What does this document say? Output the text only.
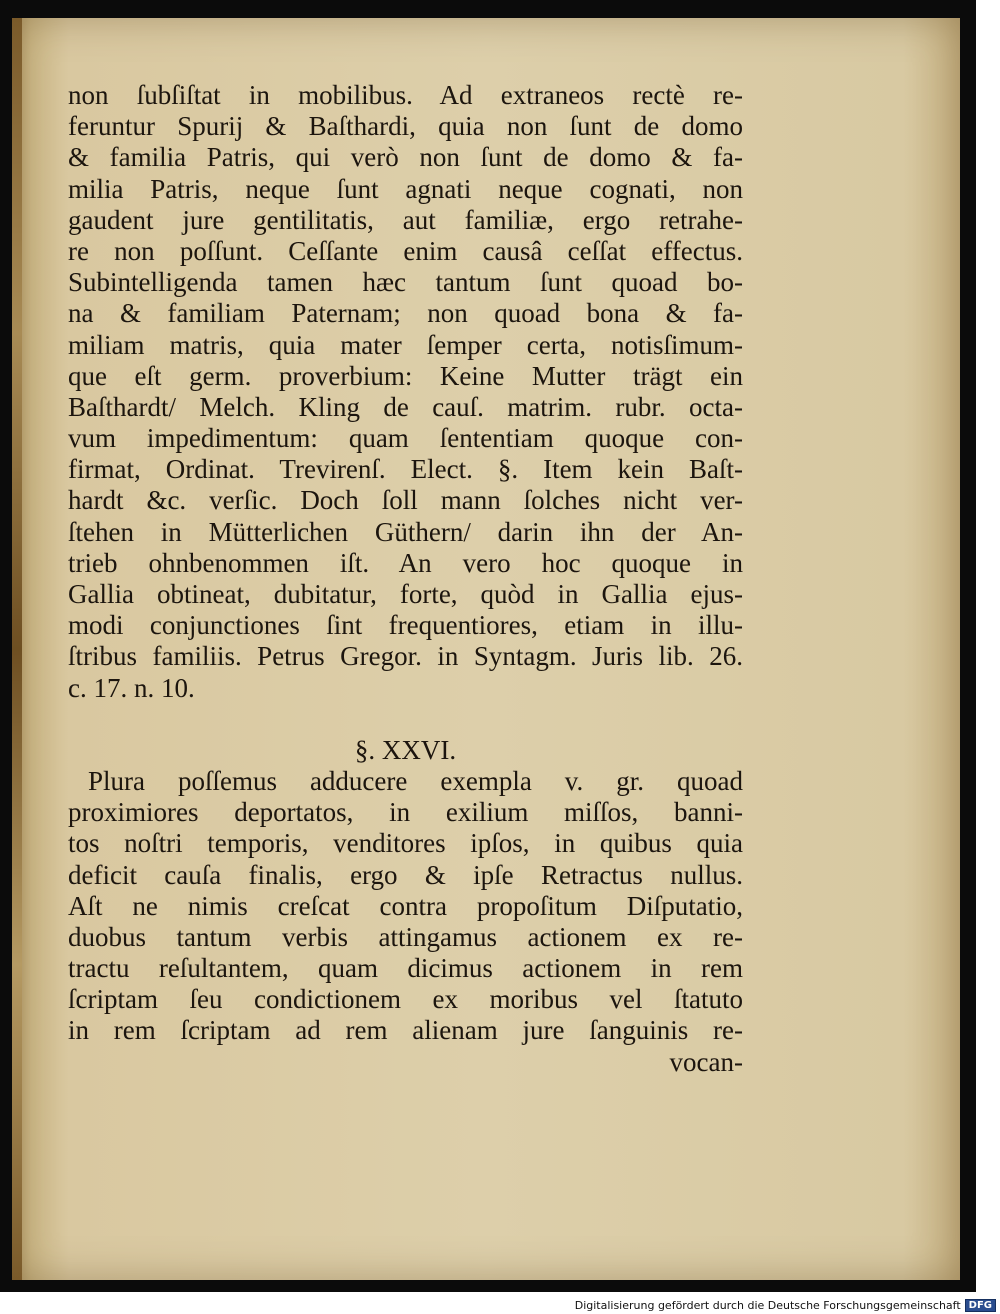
non ſubſiſtat in mobilibus. Ad extraneos rectè re-
feruntur Spurij & Baſthardi, quia non ſunt de domo
& familia Patris, qui verò non ſunt de domo & fa-
milia Patris, neque ſunt agnati neque cognati, non
gaudent jure gentilitatis, aut familiæ, ergo retrahe-
re non poſſunt. Ceſſante enim causâ ceſſat effectus.
Subintelligenda tamen hæc tantum ſunt quoad bo-
na & familiam Paternam; non quoad bona & fa-
miliam matris, quia mater ſemper certa, notisſimum-
que eſt germ. proverbium: Keine Mutter trägt ein
Baſthardt/ Melch. Kling de cauſ. matrim. rubr. octa-
vum impedimentum: quam ſententiam quoque con-
firmat, Ordinat. Trevirenſ. Elect. §. Item kein Baſt-
hardt &c. verſic. Doch ſoll mann ſolches nicht ver-
ſtehen in Mütterlichen Güthern/ darin ihn der An-
trieb ohnbenommen iſt. An vero hoc quoque in
Gallia obtineat, dubitatur, forte, quòd in Gallia ejus-
modi conjunctiones ſint frequentiores, etiam in illu-
ſtribus familiis. Petrus Gregor. in Syntagm. Juris lib. 26.
c. 17. n. 10.
§. XXVI.
Plura poſſemus adducere exempla v. gr. quoad
proximiores deportatos, in exilium miſſos, banni-
tos noſtri temporis, venditores ipſos, in quibus quia
deficit cauſa finalis, ergo & ipſe Retractus nullus.
Aſt ne nimis creſcat contra propoſitum Diſputatio,
duobus tantum verbis attingamus actionem ex re-
tractu reſultantem, quam dicimus actionem in rem
ſcriptam ſeu condictionem ex moribus vel ſtatuto
in rem ſcriptam ad rem alienam jure ſanguinis re-
vocan-
Digitalisierung gefördert durch die Deutsche Forschungsgemeinschaft DFG
